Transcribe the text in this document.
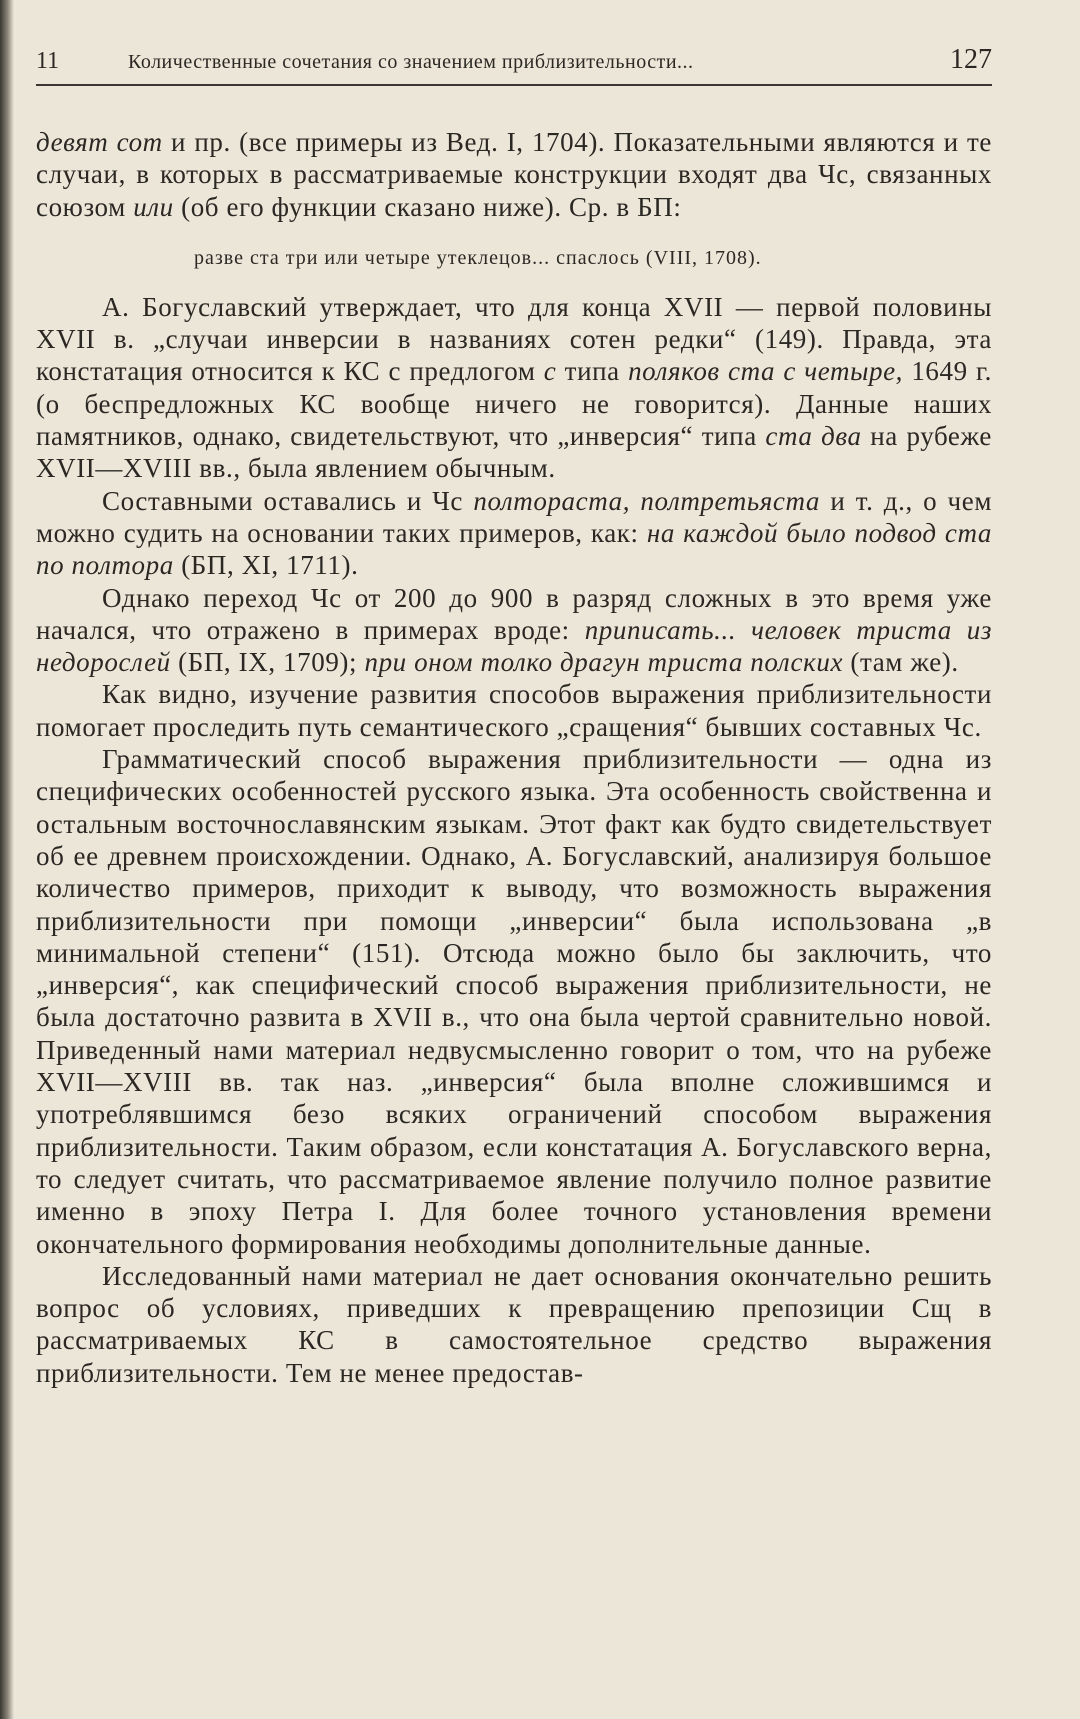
11	Количественные сочетания со значением приблизительности...	127

девят сот и пр. (все примеры из Вед. I, 1704). Показательными являются и те случаи, в которых в рассматриваемые конструкции входят два Чс, связанных союзом или (об его функции сказано ниже). Ср. в БП:

разве ста три или четыре утеклецов... спаслось (VIII, 1708).

А. Богуславский утверждает, что для конца XVII — первой половины XVII в. „случаи инверсии в названиях сотен редки“ (149). Правда, эта констатация относится к КС с предлогом с типа поляков ста с четыре, 1649 г. (о беспредложных КС вообще ничего не говорится). Данные наших памятников, однако, свидетельствуют, что „инверсия“ типа ста два на рубеже XVII—XVIII вв., была явлением обычным.

Составными оставались и Чс полтораста, полтретьяста и т. д., о чем можно судить на основании таких примеров, как: на каждой было подвод ста по полтора (БП, XI, 1711).

Однако переход Чс от 200 до 900 в разряд сложных в это время уже начался, что отражено в примерах вроде: приписать... человек триста из недорослей (БП, IX, 1709); при оном толко драгун триста полских (там же).

Как видно, изучение развития способов выражения приблизительности помогает проследить путь семантического „сращения“ бывших составных Чс.

Грамматический способ выражения приблизительности — одна из специфических особенностей русского языка. Эта особенность свойственна и остальным восточнославянским языкам. Этот факт как будто свидетельствует об ее древнем происхождении. Однако, А. Богуславский, анализируя большое количество примеров, приходит к выводу, что возможность выражения приблизительности при помощи „инверсии“ была использована „в минимальной степени“ (151). Отсюда можно было бы заключить, что „инверсия“, как специфический способ выражения приблизительности, не была достаточно развита в XVII в., что она была чертой сравнительно новой. Приведенный нами материал недвусмысленно говорит о том, что на рубеже XVII—XVIII вв. так наз. „инверсия“ была вполне сложившимся и употреблявшимся безо всяких ограничений способом выражения приблизительности. Таким образом, если констатация А. Богуславского верна, то следует считать, что рассматриваемое явление получило полное развитие именно в эпоху Петра I. Для более точного установления времени окончательного формирования необходимы дополнительные данные.

Исследованный нами материал не дает основания окончательно решить вопрос об условиях, приведших к превращению препозиции Сщ в рассматриваемых КС в самостоятельное средство выражения приблизительности. Тем не менее предостав-
